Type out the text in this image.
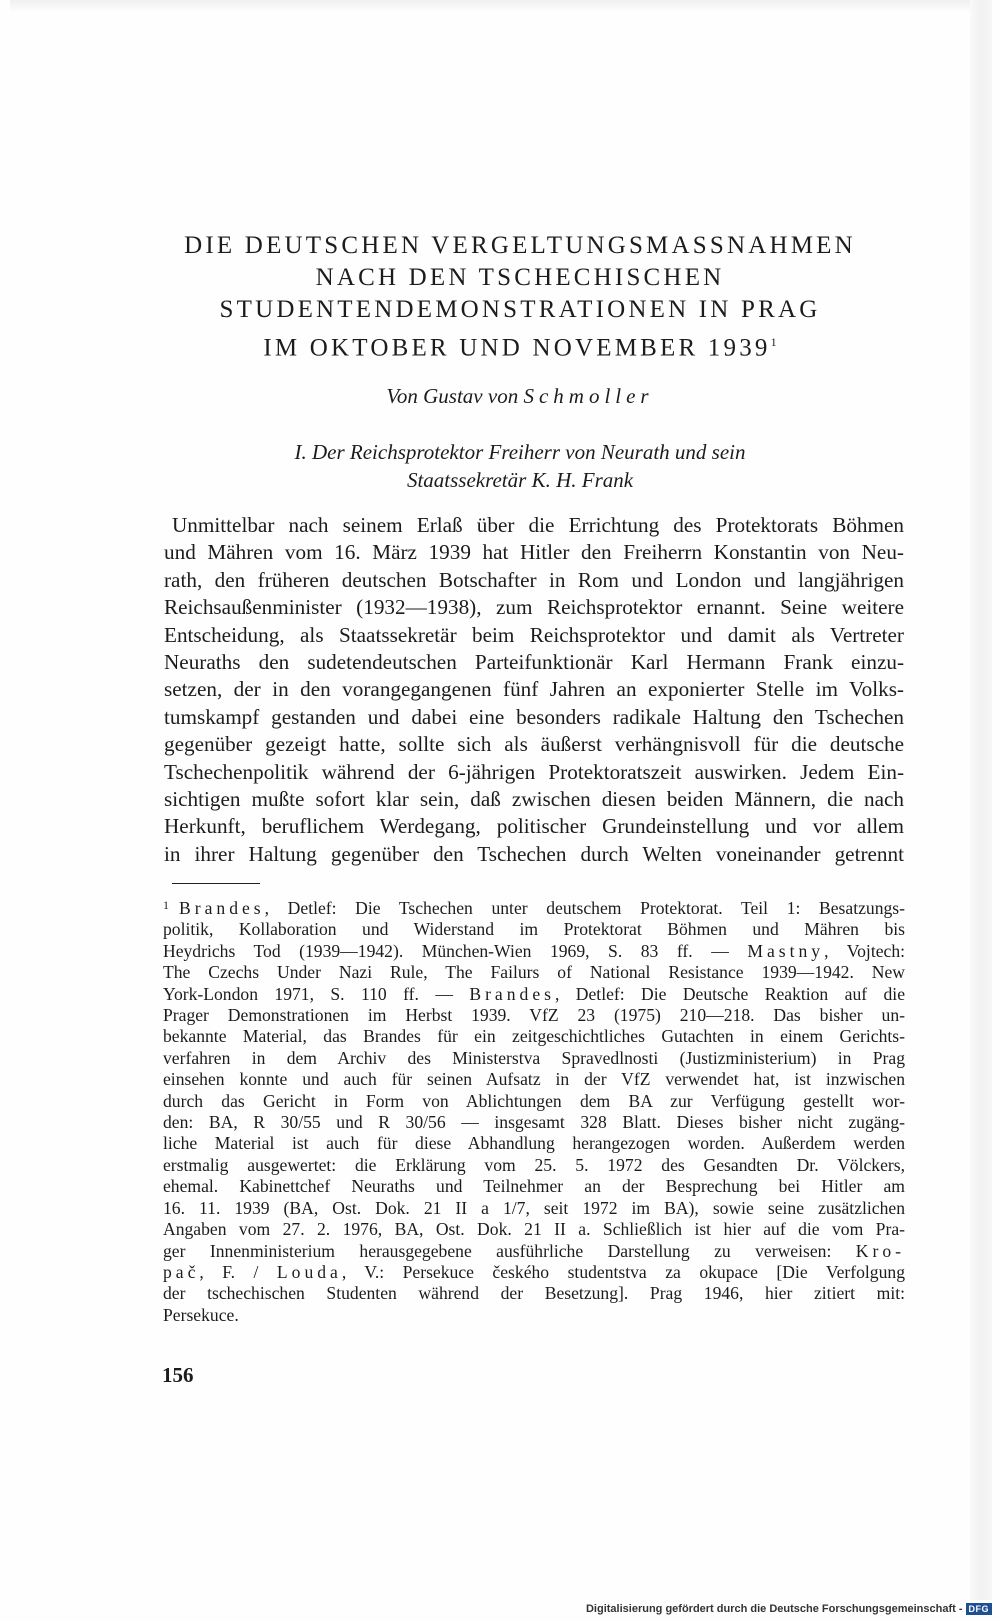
DIE DEUTSCHEN VERGELTUNGSMASSNAHMEN
NACH DEN TSCHECHISCHEN
STUDENTENDEMONSTRATIONEN IN PRAG
IM OKTOBER UND NOVEMBER 1939$^1$
Von Gustav von Schmoller
I. Der Reichsprotektor Freiherr von Neurath und sein
Staatssekretär K. H. Frank
Unmittelbar nach seinem Erlaß über die Errichtung des Protektorats Böhmen
und Mähren vom 16. März 1939 hat Hitler den Freiherrn Konstantin von Neu-
rath, den früheren deutschen Botschafter in Rom und London und langjährigen
Reichsaußenminister (1932—1938), zum Reichsprotektor ernannt. Seine weitere
Entscheidung, als Staatssekretär beim Reichsprotektor und damit als Vertreter
Neuraths den sudetendeutschen Parteifunktionär Karl Hermann Frank einzu-
setzen, der in den vorangegangenen fünf Jahren an exponierter Stelle im Volks-
tumskampf gestanden und dabei eine besonders radikale Haltung den Tschechen
gegenüber gezeigt hatte, sollte sich als äußerst verhängnisvoll für die deutsche
Tschechenpolitik während der 6-jährigen Protektoratszeit auswirken. Jedem Ein-
sichtigen mußte sofort klar sein, daß zwischen diesen beiden Männern, die nach
Herkunft, beruflichem Werdegang, politischer Grundeinstellung und vor allem
in ihrer Haltung gegenüber den Tschechen durch Welten voneinander getrennt
$^1$ Brandes, Detlef: Die Tschechen unter deutschem Protektorat. Teil 1: Besatzungs-
politik, Kollaboration und Widerstand im Protektorat Böhmen und Mähren bis
Heydrichs Tod (1939—1942). München-Wien 1969, S. 83 ff. — Mastny, Vojtech:
The Czechs Under Nazi Rule, The Failurs of National Resistance 1939—1942. New
York-London 1971, S. 110 ff. — Brandes, Detlef: Die Deutsche Reaktion auf die
Prager Demonstrationen im Herbst 1939. VfZ 23 (1975) 210—218. Das bisher un-
bekannte Material, das Brandes für ein zeitgeschichtliches Gutachten in einem Gerichts-
verfahren in dem Archiv des Ministerstva Spravedlnosti (Justizministerium) in Prag
einsehen konnte und auch für seinen Aufsatz in der VfZ verwendet hat, ist inzwischen
durch das Gericht in Form von Ablichtungen dem BA zur Verfügung gestellt wor-
den: BA, R 30/55 und R 30/56 — insgesamt 328 Blatt. Dieses bisher nicht zugäng-
liche Material ist auch für diese Abhandlung herangezogen worden. Außerdem werden
erstmalig ausgewertet: die Erklärung vom 25. 5. 1972 des Gesandten Dr. Völckers,
ehemal. Kabinettchef Neuraths und Teilnehmer an der Besprechung bei Hitler am
16. 11. 1939 (BA, Ost. Dok. 21 II a 1/7, seit 1972 im BA), sowie seine zusätzlichen
Angaben vom 27. 2. 1976, BA, Ost. Dok. 21 II a. Schließlich ist hier auf die vom Pra-
ger Innenministerium herausgegebene ausführliche Darstellung zu verweisen: Kro-
pač, F. / Louda, V.: Persekuce českého studentstva za okupace [Die Verfolgung
der tschechischen Studenten während der Besetzung]. Prag 1946, hier zitiert mit:
Persekuce.
156
Digitalisierung gefördert durch die Deutsche Forschungsgemeinschaft - DFG
